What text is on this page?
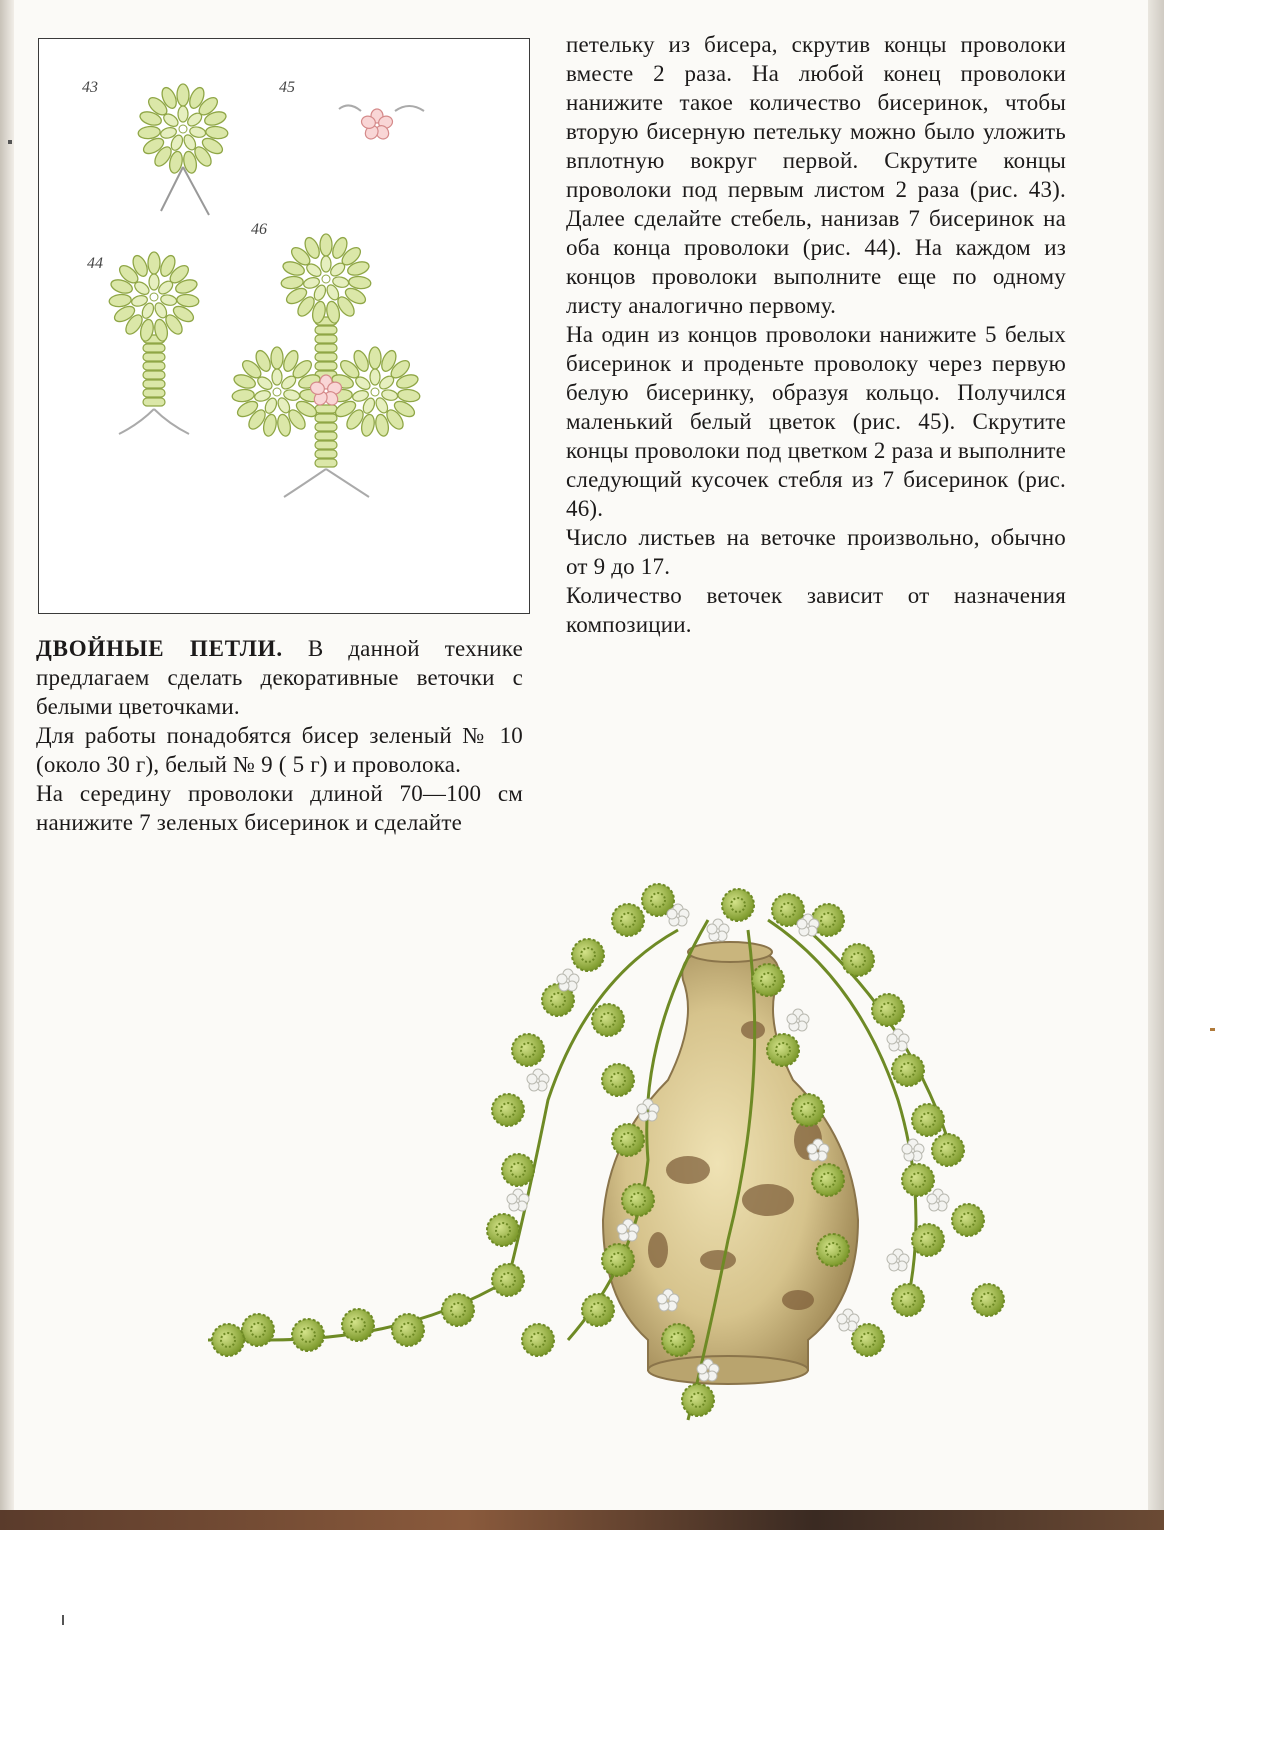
43	45
46
44

ДВОЙНЫЕ ПЕТЛИ. В данной технике предлагаем сделать декоративные веточки с белыми цветочками.

Для работы понадобятся бисер зеленый № 10 (около 30 г), белый № 9 ( 5 г) и проволока.

На середину проволоки длиной 70—100 см нанижите 7 зеленых бисеринок и сделайте

петельку из бисера, скрутив концы проволоки вместе 2 раза. На любой конец проволоки нанижите такое количество бисеринок, чтобы вторую бисерную петельку можно было уложить вплотную вокруг первой. Скрутите концы проволоки под первым листом 2 раза (рис. 43). Далее сделайте стебель, нанизав 7 бисеринок на оба конца проволоки (рис. 44). На каждом из концов проволоки выполните еще по одному листу аналогично первому.

На один из концов проволоки нанижите 5 белых бисеринок и проденьте проволоку через первую белую бисеринку, образуя кольцо. Получился маленький белый цветок (рис. 45). Скрутите концы проволоки под цветком 2 раза и выполните следующий кусочек стебля из 7 бисеринок (рис. 46).

Число листьев на веточке произвольно, обычно от 9 до 17.

Количество веточек зависит от назначения композиции.
